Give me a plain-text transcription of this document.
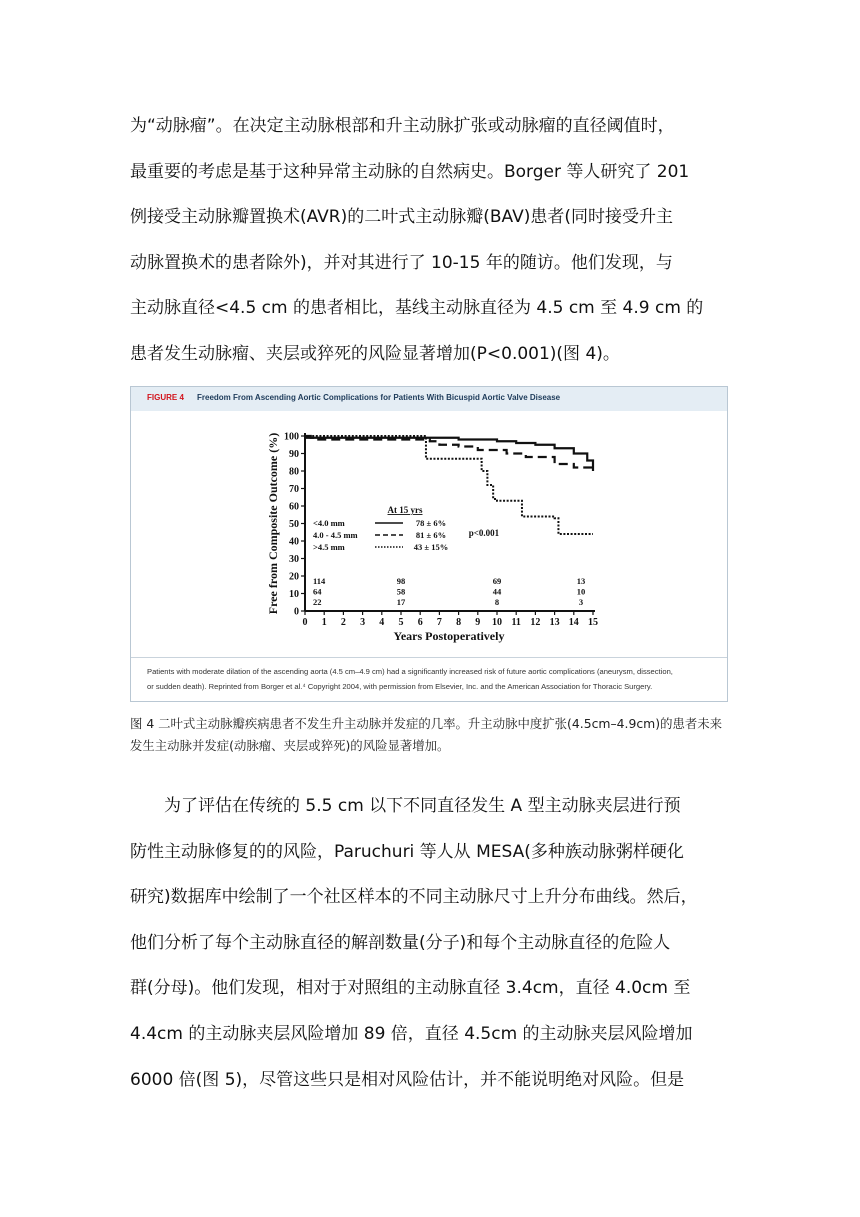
为“动脉瘤”。在决定主动脉根部和升主动脉扩张或动脉瘤的直径阈值时，
最重要的考虑是基于这种异常主动脉的自然病史。Borger 等人研究了 201
例接受主动脉瓣置换术(AVR)的二叶式主动脉瓣(BAV)患者(同时接受升主
动脉置换术的患者除外)，并对其进行了 10-15 年的随访。他们发现，与
主动脉直径<4.5 cm 的患者相比，基线主动脉直径为 4.5 cm 至 4.9 cm 的
患者发生动脉瘤、夹层或猝死的风险显著增加(P<0.001)(图 4)。
FIGURE 4 Freedom From Ascending Aortic Complications for Patients With Bicuspid Aortic Valve Disease
0
10
20
30
40
50
60
70
80
90
100
0 1 2 3 4 5 6 7 8 9 10 11 12 13 14 15
Years Postoperatively
Free from Composite Outcome (%)	At 15 yrs
<4.0 mm	78 ± 6%
4.0 - 4.5 mm	81 ± 6%
>4.5 mm	43 ± 15%
p<0.001
114	98	69	13
64	58	44	10
22	17	8	3
Patients with moderate dilation of the ascending aorta (4.5 cm–4.9 cm) had a significantly increased risk of future aortic complications (aneurysm, dissection,
or sudden death). Reprinted from Borger et al.⁴ Copyright 2004, with permission from Elsevier, Inc. and the American Association for Thoracic Surgery.
图 4 二叶式主动脉瓣疾病患者不发生升主动脉并发症的几率。升主动脉中度扩张(4.5cm–4.9cm)的患者未来
发生主动脉并发症(动脉瘤、夹层或猝死)的风险显著增加。
　　为了评估在传统的 5.5 cm 以下不同直径发生 A 型主动脉夹层进行预
防性主动脉修复的的风险，Paruchuri 等人从 MESA(多种族动脉粥样硬化
研究)数据库中绘制了一个社区样本的不同主动脉尺寸上升分布曲线。然后，
他们分析了每个主动脉直径的解剖数量(分子)和每个主动脉直径的危险人
群(分母)。他们发现，相对于对照组的主动脉直径 3.4cm，直径 4.0cm 至
4.4cm 的主动脉夹层风险增加 89 倍，直径 4.5cm 的主动脉夹层风险增加
6000 倍(图 5)，尽管这些只是相对风险估计，并不能说明绝对风险。但是
